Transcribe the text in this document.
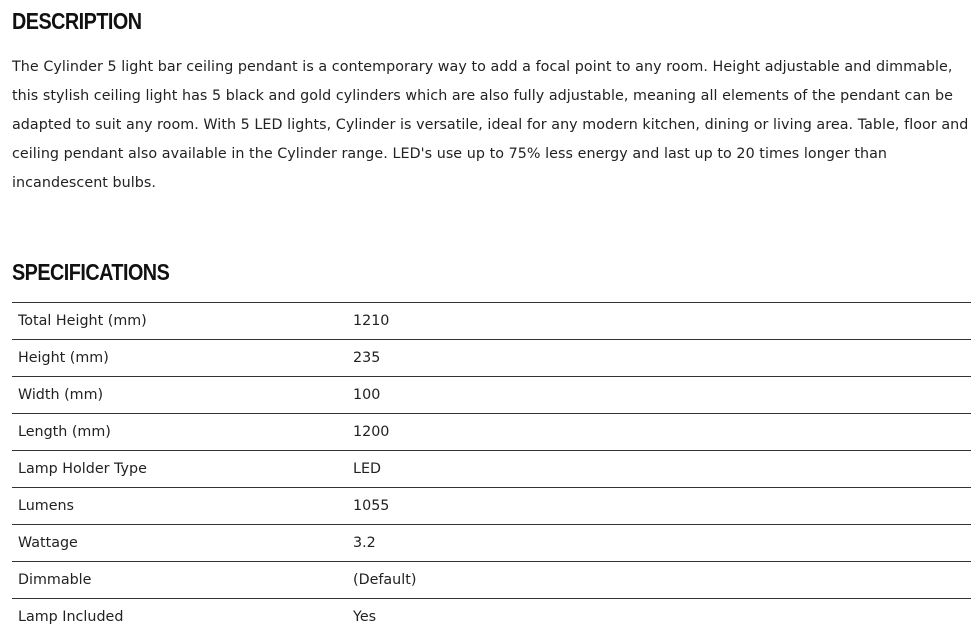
DESCRIPTION

The Cylinder 5 light bar ceiling pendant is a contemporary way to add a focal point to any room. Height adjustable and dimmable, this stylish ceiling light has 5 black and gold cylinders which are also fully adjustable, meaning all elements of the pendant can be adapted to suit any room. With 5 LED lights, Cylinder is versatile, ideal for any modern kitchen, dining or living area. Table, floor and ceiling pendant also available in the Cylinder range. LED's use up to 75% less energy and last up to 20 times longer than incandescent bulbs.

SPECIFICATIONS
Total Height (mm)	1210
Height (mm)	235
Width (mm)	100
Length (mm)	1200
Lamp Holder Type	LED
Lumens	1055
Wattage	3.2
Dimmable	(Default)
Lamp Included	Yes
